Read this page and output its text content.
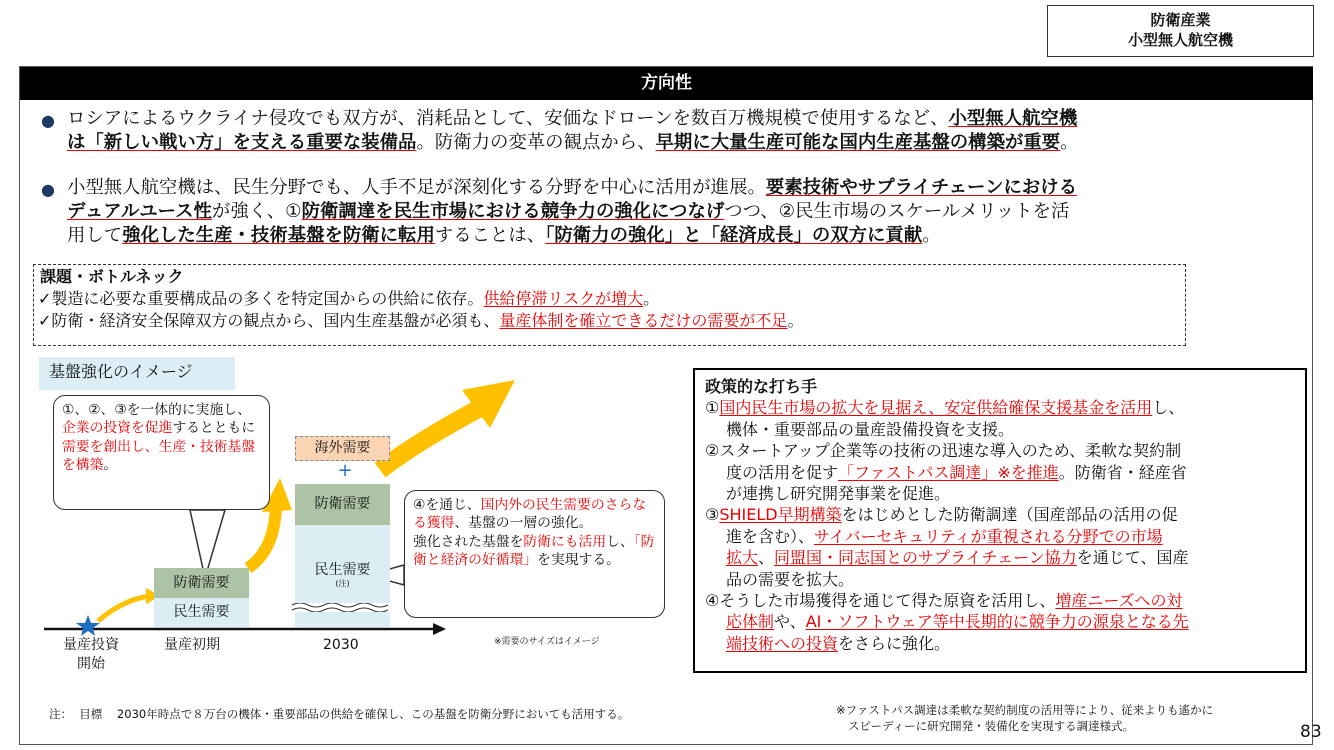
防衛産業
小型無人航空機
方向性
● ロシアによるウクライナ侵攻でも双方が、消耗品として、安価なドローンを数百万機規模で使用するなど、小型無人航空機
は「新しい戦い方」を支える重要な装備品。防衛力の変革の観点から、早期に大量生産可能な国内生産基盤の構築が重要。
● 小型無人航空機は、民生分野でも、人手不足が深刻化する分野を中心に活用が進展。要素技術やサプライチェーンにおける
デュアルユース性が強く、①防衛調達を民生市場における競争力の強化につなげつつ、②民生市場のスケールメリットを活
用して強化した生産・技術基盤を防衛に転用することは、「防衛力の強化」と「経済成長」の双方に貢献。
課題・ボトルネック
✓製造に必要な重要構成品の多くを特定国からの供給に依存。供給停滞リスクが増大。
✓防衛・経済安全保障双方の観点から、国内生産基盤が必須も、量産体制を確立できるだけの需要が不足。
基盤強化のイメージ
①、②、③を一体的に実施し、企業の投資を促進するとともに需要を創出し、生産・技術基盤を構築。
④を通じ、国内外の民生需要のさらなる獲得、基盤の一層の強化。
強化された基盤を防衛にも活用し、「防衛と経済の好循環」を実現する。
防衛需要
民生需要
海外需要
+
防衛需要
民生需要
(注)
量産投資
開始
量産初期	2030	※需要のサイズはイメージ
政策的な打ち手
①国内民生市場の拡大を見据え、安定供給確保支援基金を活用し、
機体・重要部品の量産設備投資を支援。
②スタートアップ企業等の技術の迅速な導入のため、柔軟な契約制
度の活用を促す「ファストパス調達」※を推進。防衛省・経産省
が連携し研究開発事業を促進。
③SHIELD早期構築をはじめとした防衛調達（国産部品の活用の促
進を含む）、サイバーセキュリティが重視される分野での市場
拡大、同盟国・同志国とのサプライチェーン協力を通じて、国産
品の需要を拡大。
④そうした市場獲得を通じて得た原資を活用し、増産ニーズへの対
応体制や、AI・ソフトウェア等中長期的に競争力の源泉となる先
端技術への投資をさらに強化。
注：  目標    2030年時点で８万台の機体・重要部品の供給を確保し、この基盤を防衛分野においても活用する。	※ファストパス調達は柔軟な契約制度の活用等により、従来よりも遙かに
スピーディーに研究開発・装備化を実現する調達様式。	83
